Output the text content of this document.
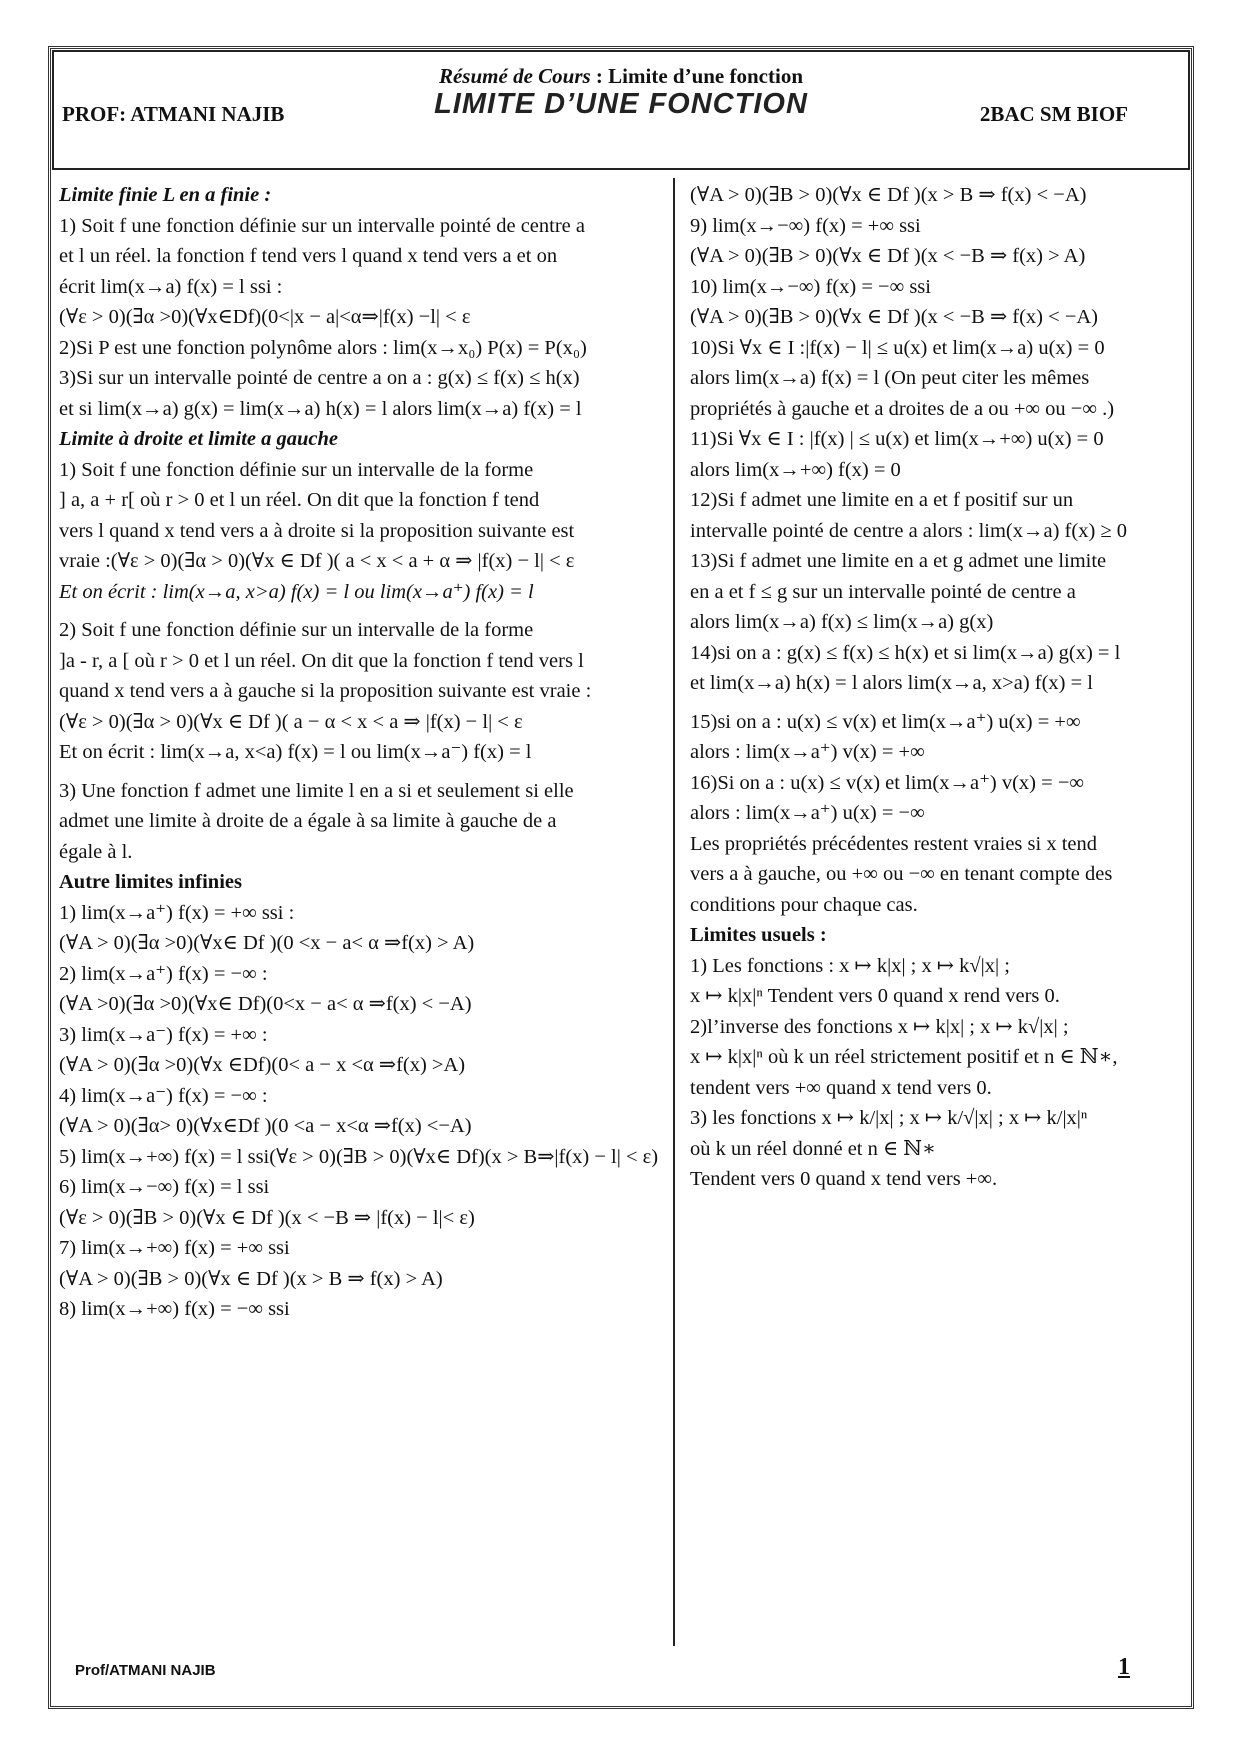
Résumé de Cours : Limite d’une fonction
PROF: ATMANI NAJIB	LIMITE D’UNE FONCTION	2BAC SM BIOF
Limite finie L en a finie :
1) Soit f une fonction définie sur un intervalle pointé de centre a
et l un réel. la fonction f tend vers l quand x tend vers a et on
écrit lim(x→a) f(x) = l ssi :
(∀ε > 0)(∃α >0)(∀x∈Df)(0<|x − a|<α⇒|f(x) −l| < ε
2)Si P est une fonction polynôme alors : lim(x→x₀) P(x) = P(x₀)
3)Si sur un intervalle pointé de centre a on a : g(x) ≤ f(x) ≤ h(x)
et si lim(x→a) g(x) = lim(x→a) h(x) = l alors lim(x→a) f(x) = l
Limite à droite et limite a gauche
1) Soit f une fonction définie sur un intervalle de la forme
] a, a + r[ où r > 0 et l un réel. On dit que la fonction f tend
vers l quand x tend vers a à droite si la proposition suivante est
vraie :(∀ε > 0)(∃α > 0)(∀x ∈ Df )( a < x < a + α ⇒ |f(x) − l| < ε
Et on écrit : lim(x→a, x>a) f(x) = l ou lim(x→a⁺) f(x) = l
2) Soit f une fonction définie sur un intervalle de la forme
]a - r, a [ où r > 0 et l un réel. On dit que la fonction f tend vers l
quand x tend vers a à gauche si la proposition suivante est vraie :
(∀ε > 0)(∃α > 0)(∀x ∈ Df )( a − α < x < a ⇒ |f(x) − l| < ε
Et on écrit : lim(x→a, x<a) f(x) = l ou lim(x→a⁻) f(x) = l
3) Une fonction f admet une limite l en a si et seulement si elle
admet une limite à droite de a égale à sa limite à gauche de a
égale à l.
Autre limites infinies
1) lim(x→a⁺) f(x) = +∞ ssi :
(∀A > 0)(∃α >0)(∀x∈ Df )(0 <x − a< α ⇒f(x) > A)
2) lim(x→a⁺) f(x) = −∞ :
(∀A >0)(∃α >0)(∀x∈ Df)(0<x − a< α ⇒f(x) < −A)
3) lim(x→a⁻) f(x) = +∞ :
(∀A > 0)(∃α >0)(∀x ∈Df)(0< a − x <α ⇒f(x) >A)
4) lim(x→a⁻) f(x) = −∞ :
(∀A > 0)(∃α> 0)(∀x∈Df )(0 <a − x<α ⇒f(x) <−A)
5) lim(x→+∞) f(x) = l ssi(∀ε > 0)(∃B > 0)(∀x∈ Df)(x > B⇒|f(x) − l| < ε)
6) lim(x→−∞) f(x) = l ssi
(∀ε > 0)(∃B > 0)(∀x ∈ Df )(x < −B ⇒ |f(x) − l|< ε)
7) lim(x→+∞) f(x) = +∞ ssi
(∀A > 0)(∃B > 0)(∀x ∈ Df )(x > B ⇒ f(x) > A)
8) lim(x→+∞) f(x) = −∞ ssi
(∀A > 0)(∃B > 0)(∀x ∈ Df )(x > B ⇒ f(x) < −A)
9) lim(x→−∞) f(x) = +∞ ssi
(∀A > 0)(∃B > 0)(∀x ∈ Df )(x < −B ⇒ f(x) > A)
10) lim(x→−∞) f(x) = −∞ ssi
(∀A > 0)(∃B > 0)(∀x ∈ Df )(x < −B ⇒ f(x) < −A)
10)Si ∀x ∈ I :|f(x) − l| ≤ u(x) et lim(x→a) u(x) = 0
alors lim(x→a) f(x) = l (On peut citer les mêmes
propriétés à gauche et a droites de a ou +∞ ou −∞ .)
11)Si ∀x ∈ I : |f(x) | ≤ u(x) et lim(x→+∞) u(x) = 0
alors lim(x→+∞) f(x) = 0
12)Si f admet une limite en a et f positif sur un
intervalle pointé de centre a alors : lim(x→a) f(x) ≥ 0
13)Si f admet une limite en a et g admet une limite
en a et f ≤ g sur un intervalle pointé de centre a
alors lim(x→a) f(x) ≤ lim(x→a) g(x)
14)si on a : g(x) ≤ f(x) ≤ h(x) et si lim(x→a) g(x) = l
et lim(x→a) h(x) = l alors lim(x→a, x>a) f(x) = l
15)si on a : u(x) ≤ v(x) et lim(x→a⁺) u(x) = +∞
alors : lim(x→a⁺) v(x) = +∞
16)Si on a : u(x) ≤ v(x) et lim(x→a⁺) v(x) = −∞
alors : lim(x→a⁺) u(x) = −∞
Les propriétés précédentes restent vraies si x tend
vers a à gauche, ou +∞ ou −∞ en tenant compte des
conditions pour chaque cas.
Limites usuels :
1) Les fonctions : x ↦ k|x| ; x ↦ k√|x| ;
x ↦ k|x|ⁿ Tendent vers 0 quand x rend vers 0.
2)l’inverse des fonctions x ↦ k|x| ; x ↦ k√|x| ;
x ↦ k|x|ⁿ où k un réel strictement positif et n ∈ ℕ∗,
tendent vers +∞ quand x tend vers 0.
3) les fonctions x ↦ k/|x| ; x ↦ k/√|x| ; x ↦ k/|x|ⁿ
où k un réel donné et n ∈ ℕ∗
Tendent vers 0 quand x tend vers +∞.
Prof/ATMANI NAJIB	1
